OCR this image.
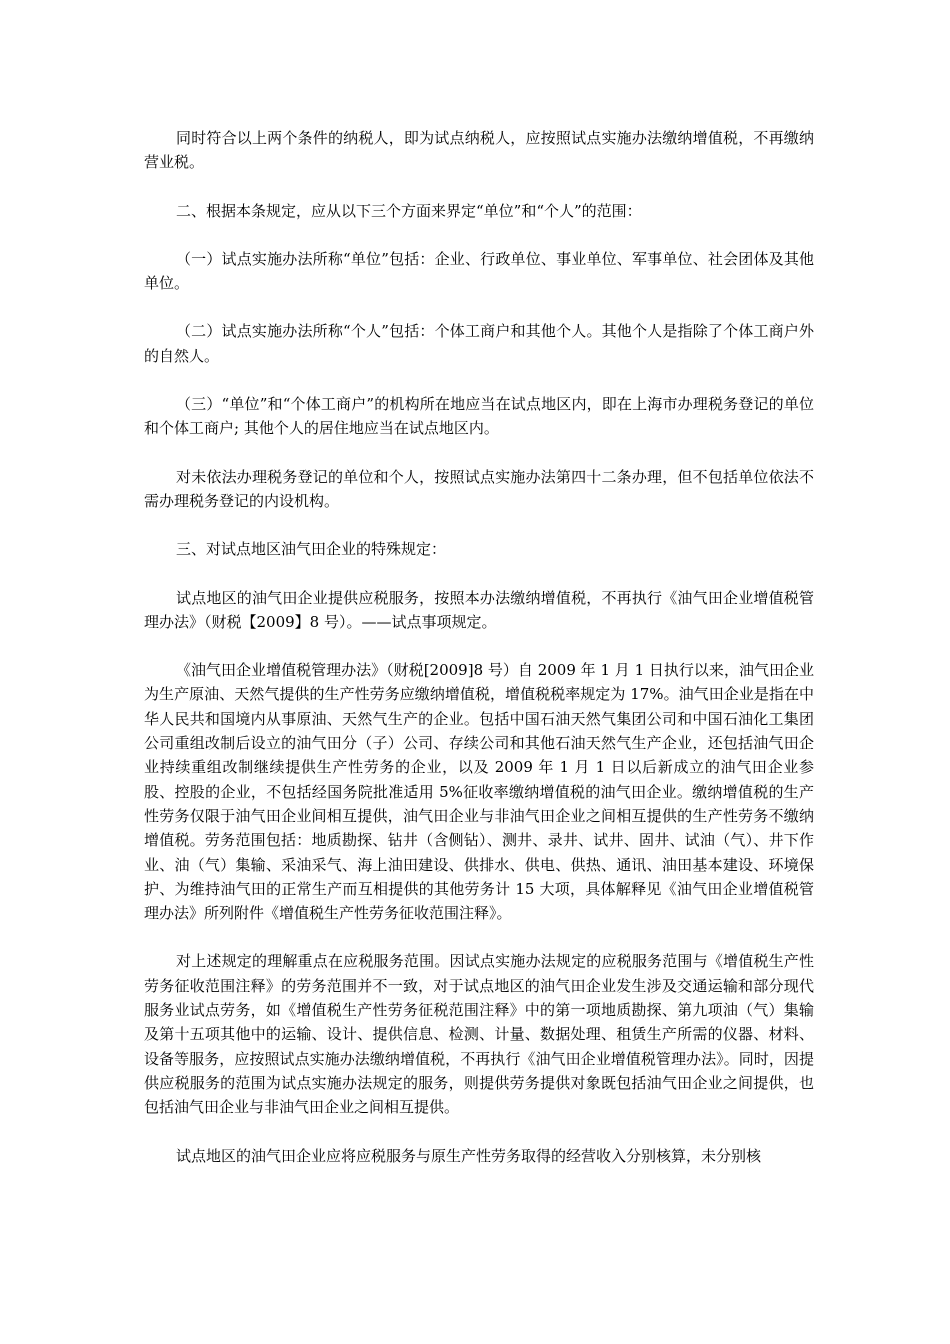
同时符合以上两个条件的纳税人，即为试点纳税人，应按照试点实施办法缴纳增值税，不再缴纳营业税。

二、根据本条规定，应从以下三个方面来界定“单位”和“个人”的范围：

（一）试点实施办法所称“单位”包括：企业、行政单位、事业单位、军事单位、社会团体及其他单位。

（二）试点实施办法所称“个人”包括：个体工商户和其他个人。其他个人是指除了个体工商户外的自然人。

（三）“单位”和“个体工商户”的机构所在地应当在试点地区内，即在上海市办理税务登记的单位和个体工商户; 其他个人的居住地应当在试点地区内。

对未依法办理税务登记的单位和个人，按照试点实施办法第四十二条办理，但不包括单位依法不需办理税务登记的内设机构。

三、对试点地区油气田企业的特殊规定：

试点地区的油气田企业提供应税服务，按照本办法缴纳增值税，不再执行《油气田企业增值税管理办法》（财税【2009】8 号）。——试点事项规定。

《油气田企业增值税管理办法》（财税[2009]8 号）自 2009 年 1 月 1 日执行以来，油气田企业为生产原油、天然气提供的生产性劳务应缴纳增值税，增值税税率规定为 17%。油气田企业是指在中华人民共和国境内从事原油、天然气生产的企业。包括中国石油天然气集团公司和中国石油化工集团公司重组改制后设立的油气田分（子）公司、存续公司和其他石油天然气生产企业，还包括油气田企业持续重组改制继续提供生产性劳务的企业，以及 2009 年 1 月 1 日以后新成立的油气田企业参股、控股的企业，不包括经国务院批准适用 5%征收率缴纳增值税的油气田企业。缴纳增值税的生产性劳务仅限于油气田企业间相互提供，油气田企业与非油气田企业之间相互提供的生产性劳务不缴纳增值税。劳务范围包括：地质勘探、钻井（含侧钻）、测井、录井、试井、固井、试油（气）、井下作业、油（气）集输、采油采气、海上油田建设、供排水、供电、供热、通讯、油田基本建设、环境保护、为维持油气田的正常生产而互相提供的其他劳务计 15 大项，具体解释见《油气田企业增值税管理办法》所列附件《增值税生产性劳务征收范围注释》。

对上述规定的理解重点在应税服务范围。因试点实施办法规定的应税服务范围与《增值税生产性劳务征收范围注释》的劳务范围并不一致，对于试点地区的油气田企业发生涉及交通运输和部分现代服务业试点劳务，如《增值税生产性劳务征税范围注释》中的第一项地质勘探、第九项油（气）集输及第十五项其他中的运输、设计、提供信息、检测、计量、数据处理、租赁生产所需的仪器、材料、设备等服务，应按照试点实施办法缴纳增值税，不再执行《油气田企业增值税管理办法》。同时，因提供应税服务的范围为试点实施办法规定的服务，则提供劳务提供对象既包括油气田企业之间提供，也包括油气田企业与非油气田企业之间相互提供。

试点地区的油气田企业应将应税服务与原生产性劳务取得的经营收入分别核算，未分别核
